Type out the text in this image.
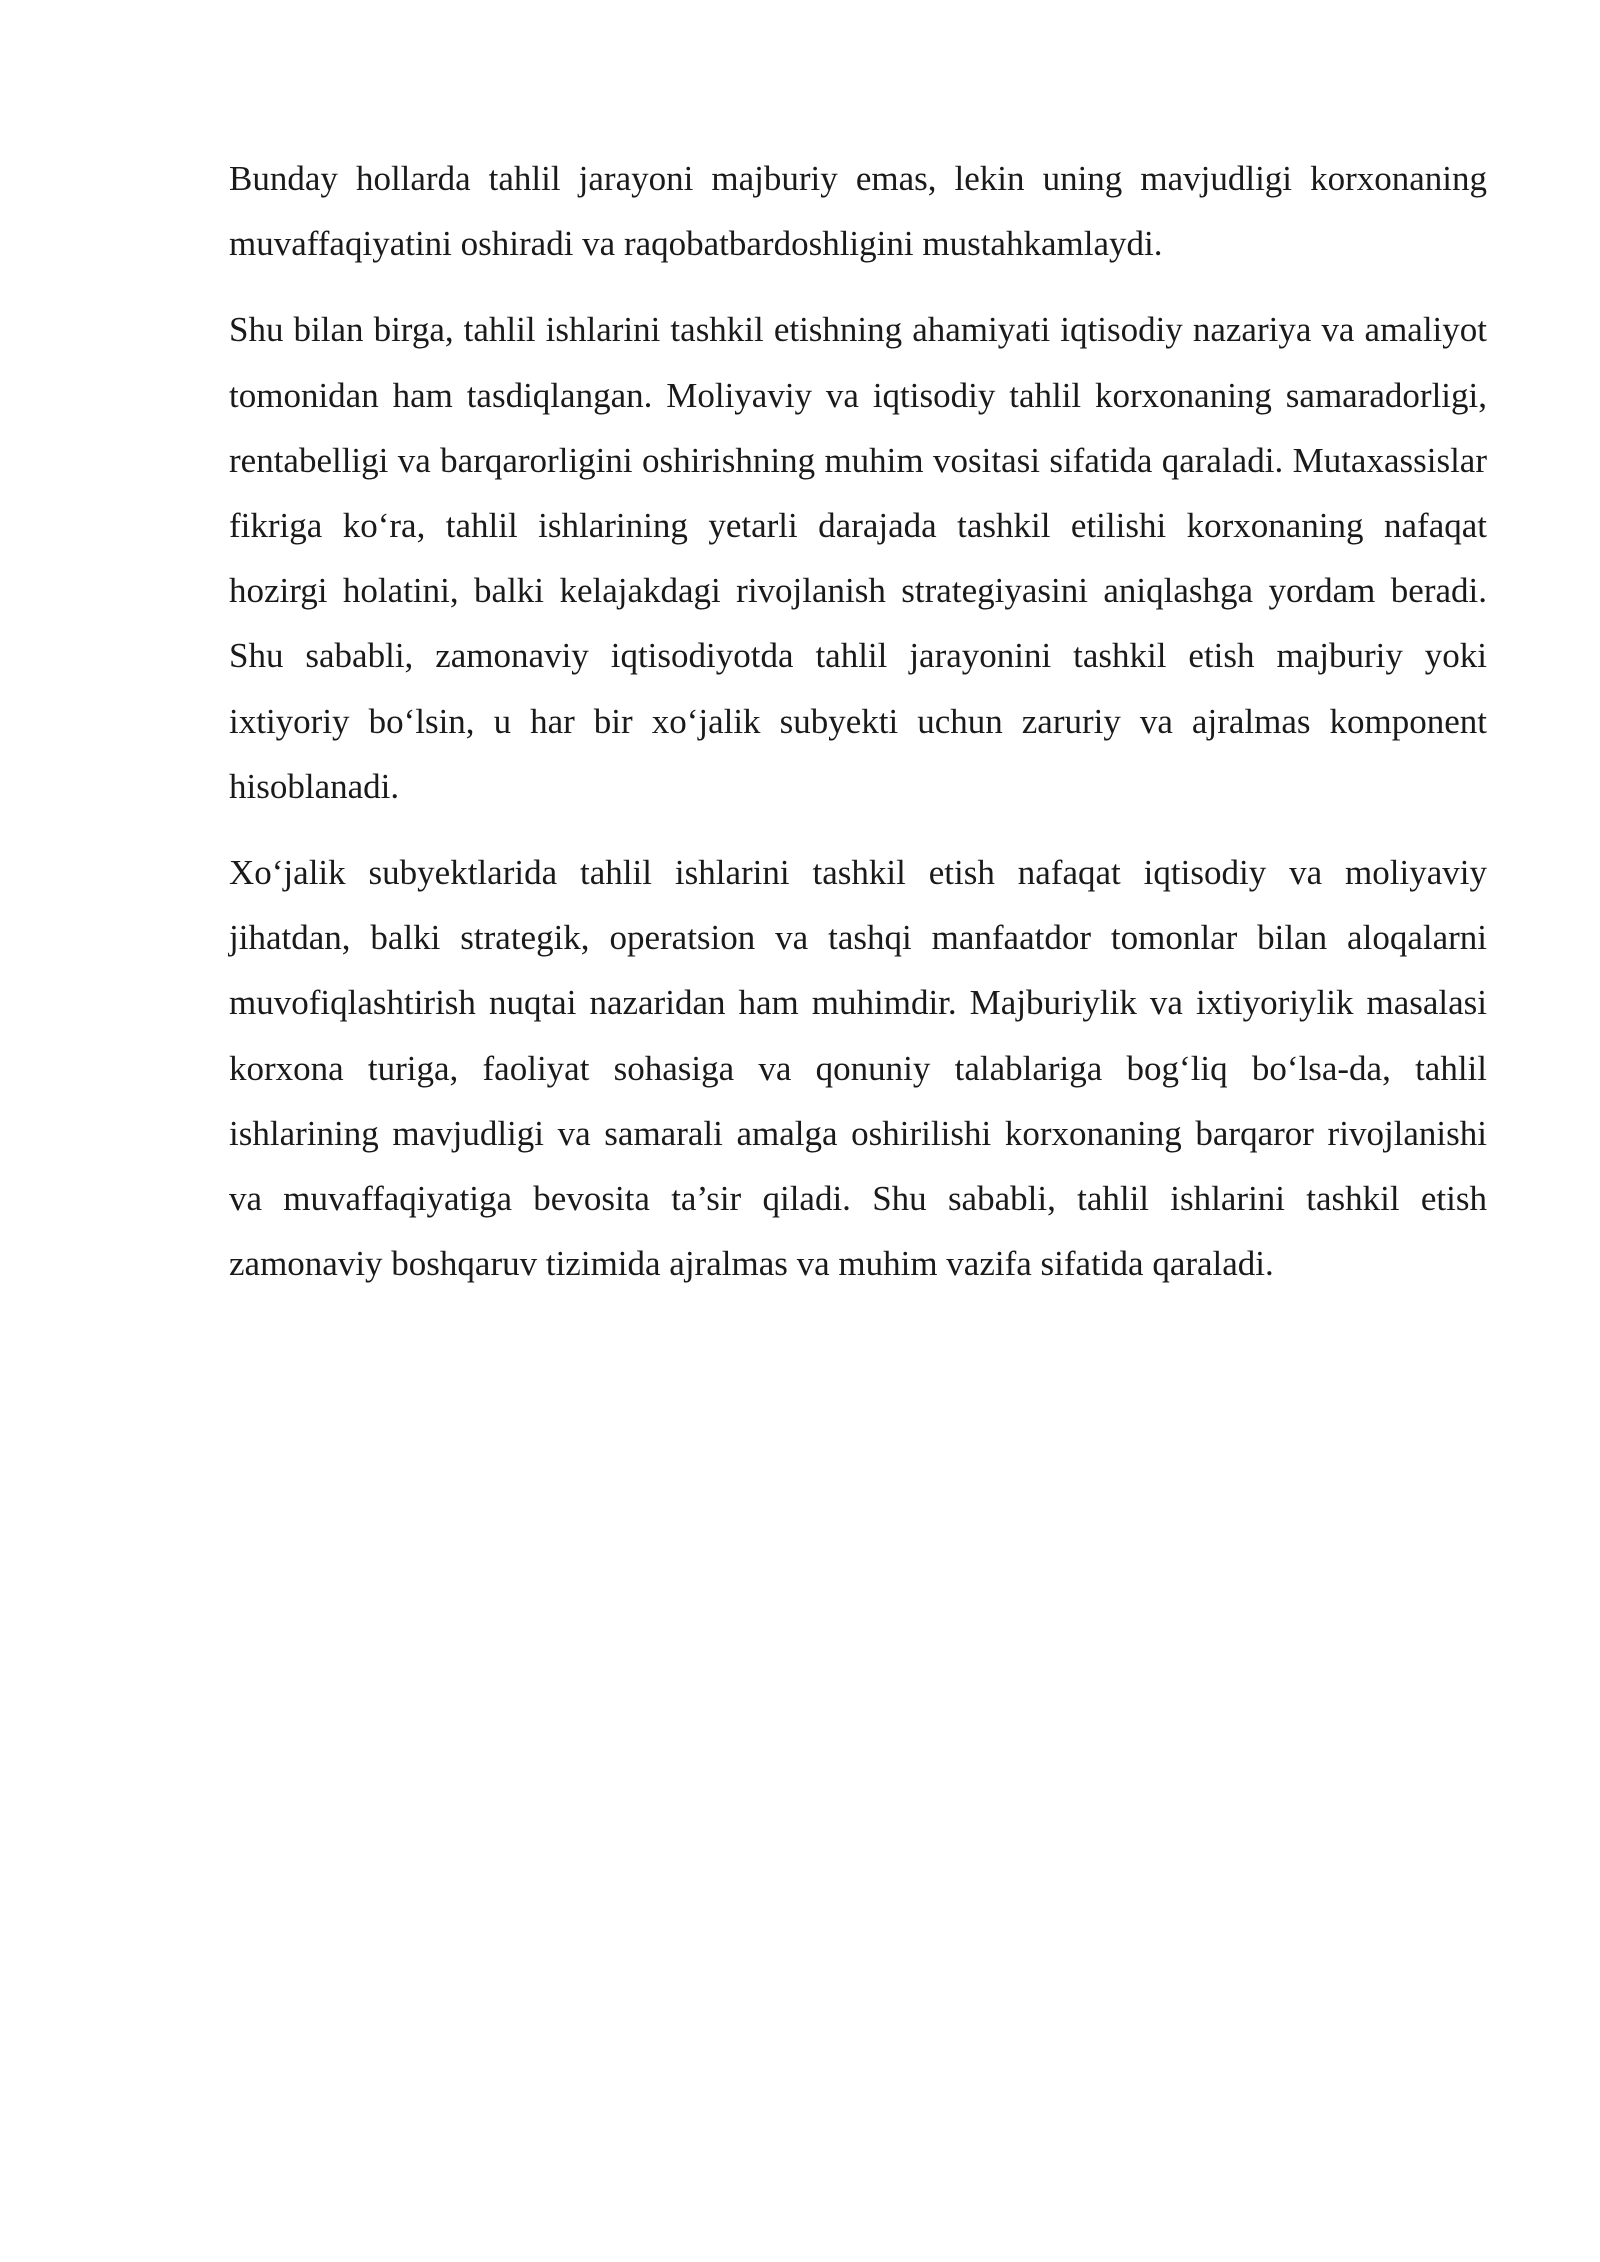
Bunday hollarda tahlil jarayoni majburiy emas, lekin uning mavjudligi korxonaning muvaffaqiyatini oshiradi va raqobatbardoshligini mustahkamlaydi.

Shu bilan birga, tahlil ishlarini tashkil etishning ahamiyati iqtisodiy nazariya va amaliyot tomonidan ham tasdiqlangan. Moliyaviy va iqtisodiy tahlil korxonaning samaradorligi, rentabelligi va barqarorligini oshirishning muhim vositasi sifatida qaraladi. Mutaxassislar fikriga ko‘ra, tahlil ishlarining yetarli darajada tashkil etilishi korxonaning nafaqat hozirgi holatini, balki kelajakdagi rivojlanish strategiyasini aniqlashga yordam beradi. Shu sababli, zamonaviy iqtisodiyotda tahlil jarayonini tashkil etish majburiy yoki ixtiyoriy bo‘lsin, u har bir xo‘jalik subyekti uchun zaruriy va ajralmas komponent hisoblanadi.

Xo‘jalik subyektlarida tahlil ishlarini tashkil etish nafaqat iqtisodiy va moliyaviy jihatdan, balki strategik, operatsion va tashqi manfaatdor tomonlar bilan aloqalarni muvofiqlashtirish nuqtai nazaridan ham muhimdir. Majburiylik va ixtiyoriylik masalasi korxona turiga, faoliyat sohasiga va qonuniy talablariga bog‘liq bo‘lsa-da, tahlil ishlarining mavjudligi va samarali amalga oshirilishi korxonaning barqaror rivojlanishi va muvaffaqiyatiga bevosita ta’sir qiladi. Shu sababli, tahlil ishlarini tashkil etish zamonaviy boshqaruv tizimida ajralmas va muhim vazifa sifatida qaraladi.
